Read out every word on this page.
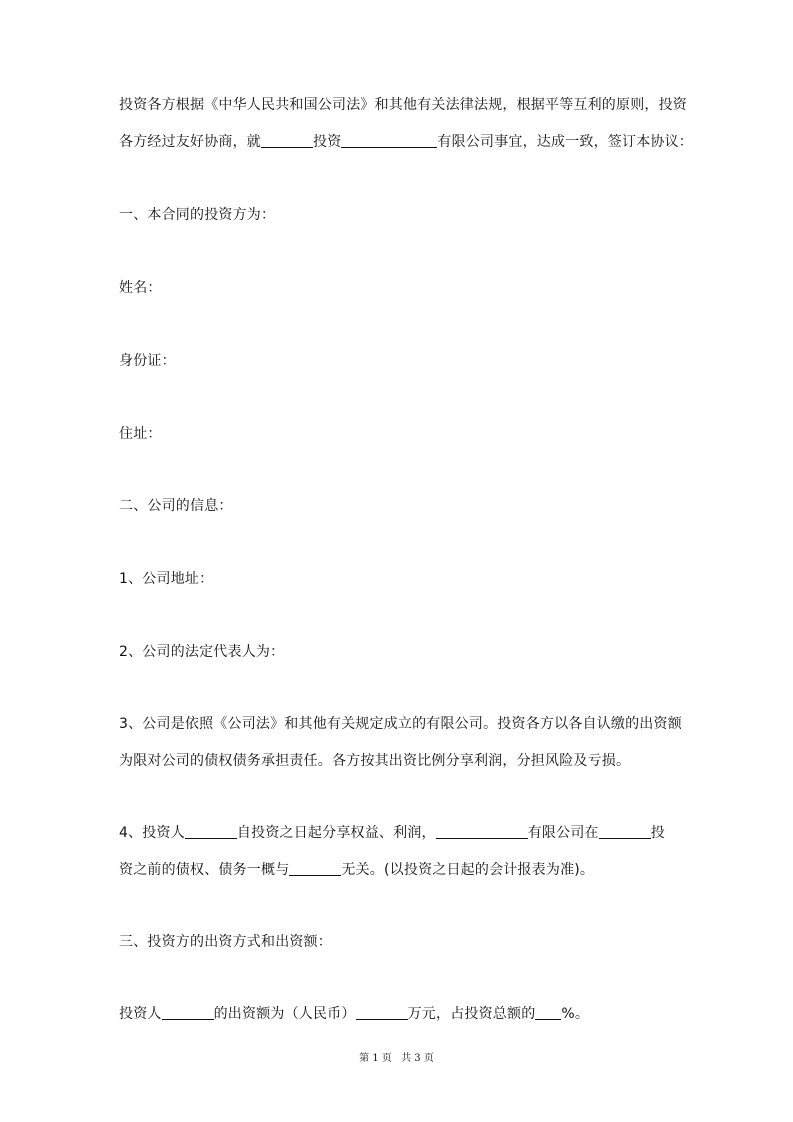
投资各方根据《中华人民共和国公司法》和其他有关法律法规，根据平等互利的原则，投资
各方经过友好协商，就	投资	有限公司事宜，达成一致，签订本协议：
一、本合同的投资方为：
姓名：
身份证：
住址：
二、公司的信息：
1、公司地址：
2、公司的法定代表人为：
3、公司是依照《公司法》和其他有关规定成立的有限公司。投资各方以各自认缴的出资额
为限对公司的债权债务承担责任。各方按其出资比例分享利润，分担风险及亏损。
4、投资人	自投资之日起分享权益、利润，	有限公司在	投
资之前的债权、债务一概与	无关。(以投资之日起的会计报表为准)。
三、投资方的出资方式和出资额：
投资人	的出资额为（人民币）	万元，占投资总额的 %。
第 1 页 共 3 页
